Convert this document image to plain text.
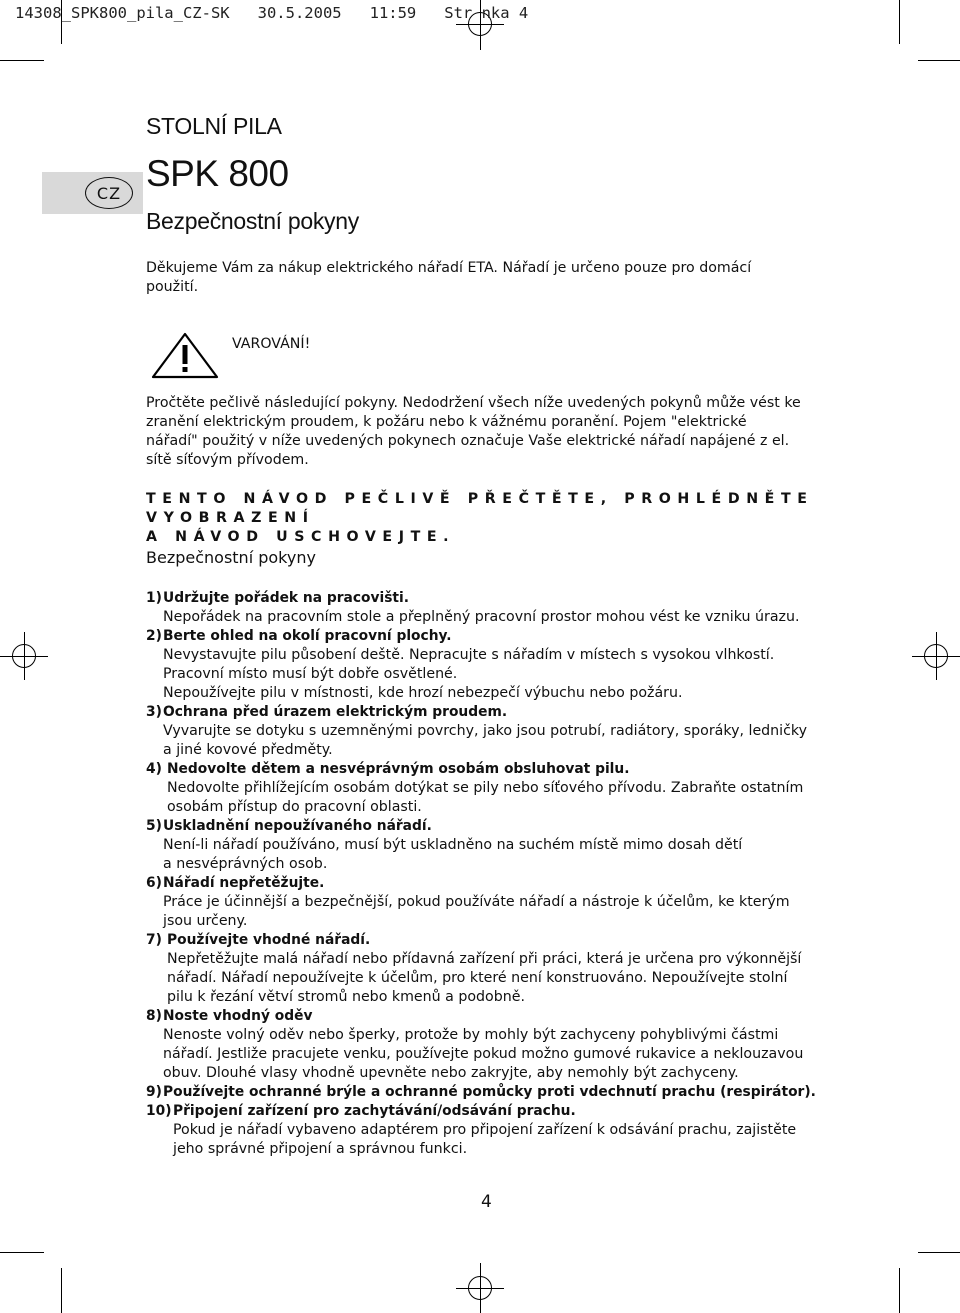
14308_SPK800_pila_CZ-SK   30.5.2005   11:59   Str nka 4
CZ
STOLNÍ PILA
SPK 800
Bezpečnostní pokyny
Děkujeme Vám za nákup elektrického nářadí ETA. Nářadí je určeno pouze pro domácí
použití.
VAROVÁNÍ!
Pročtěte pečlivě následující pokyny. Nedodržení všech níže uvedených pokynů může vést ke
zranění elektrickým proudem, k požáru nebo k vážnému poranění. Pojem "elektrické
nářadí" použitý v níže uvedených pokynech označuje Vaše elektrické nářadí napájené z el.
sítě síťovým přívodem.
TENTO NÁVOD PEČLIVĚ PŘEČTĚTE, PROHLÉDNĚTE VYOBRAZENÍ
A NÁVOD USCHOVEJTE.
Bezpečnostní pokyny
1)Udržujte pořádek na pracovišti.
Nepořádek na pracovním stole a přeplněný pracovní prostor mohou vést ke vzniku úrazu.
2)Berte ohled na okolí pracovní plochy.
Nevystavujte pilu působení deště. Nepracujte s nářadím v místech s vysokou vlhkostí.
Pracovní místo musí být dobře osvětlené.
Nepoužívejte pilu v místnosti, kde hrozí nebezpečí výbuchu nebo požáru.
3)Ochrana před úrazem elektrickým proudem.
Vyvarujte se dotyku s uzemněnými povrchy, jako jsou potrubí, radiátory, sporáky, ledničky
a jiné kovové předměty.
4) Nedovolte dětem a nesvéprávným osobám obsluhovat pilu.
Nedovolte přihlížejícím osobám dotýkat se pily nebo síťového přívodu. Zabraňte ostatním
osobám přístup do pracovní oblasti.
5)Uskladnění nepoužívaného nářadí.
Není-li nářadí používáno, musí být uskladněno na suchém místě mimo dosah dětí
a nesvéprávných osob.
6)Nářadí nepřetěžujte.
Práce je účinnější a bezpečnější, pokud používáte nářadí a nástroje k účelům, ke kterým
jsou určeny.
7) Používejte vhodné nářadí.
Nepřetěžujte malá nářadí nebo přídavná zařízení při práci, která je určena pro výkonnější
nářadí. Nářadí nepoužívejte k účelům, pro které není konstruováno. Nepoužívejte stolní
pilu k řezání větví stromů nebo kmenů a podobně.
8)Noste vhodný oděv
Nenoste volný oděv nebo šperky, protože by mohly být zachyceny pohyblivými částmi
nářadí. Jestliže pracujete venku, používejte pokud možno gumové rukavice a neklouzavou
obuv. Dlouhé vlasy vhodně upevněte nebo zakryjte, aby nemohly být zachyceny.
9)Používejte ochranné brýle a ochranné pomůcky proti vdechnutí prachu (respirátor).
10)Připojení zařízení pro zachytávání/odsávání prachu.
Pokud je nářadí vybaveno adaptérem pro připojení zařízení k odsávání prachu, zajistěte
jeho správné připojení a správnou funkci.
4
